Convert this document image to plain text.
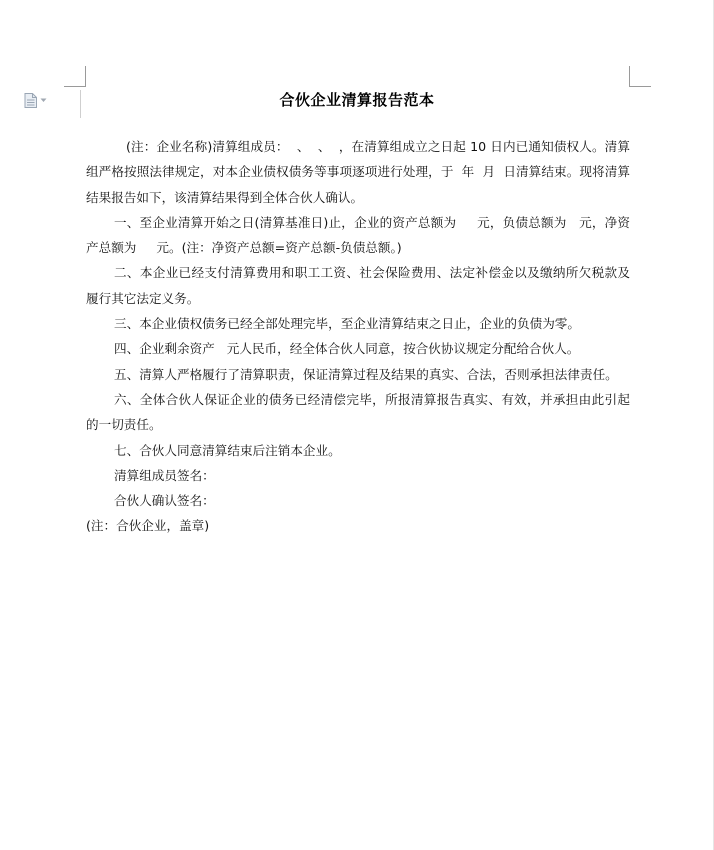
合伙企业清算报告范本

(注：企业名称)清算组成员：  、  、  ，在清算组成立之日起 10 日内已通知债权人。清算组严格按照法律规定，对本企业债权债务等事项逐项进行处理，于  年  月  日清算结束。现将清算结果报告如下，该清算结果得到全体合伙人确认。

一、至企业清算开始之日(清算基准日)止，企业的资产总额为     元，负债总额为   元，净资产总额为     元。(注：净资产总额=资产总额-负债总额。)

二、本企业已经支付清算费用和职工工资、社会保险费用、法定补偿金以及缴纳所欠税款及履行其它法定义务。

三、本企业债权债务已经全部处理完毕，至企业清算结束之日止，企业的负债为零。

四、企业剩余资产   元人民币，经全体合伙人同意，按合伙协议规定分配给合伙人。

五、清算人严格履行了清算职责，保证清算过程及结果的真实、合法，否则承担法律责任。

六、全体合伙人保证企业的债务已经清偿完毕，所报清算报告真实、有效，并承担由此引起的一切责任。

七、合伙人同意清算结束后注销本企业。

清算组成员签名：

合伙人确认签名：

(注：合伙企业，盖章)
